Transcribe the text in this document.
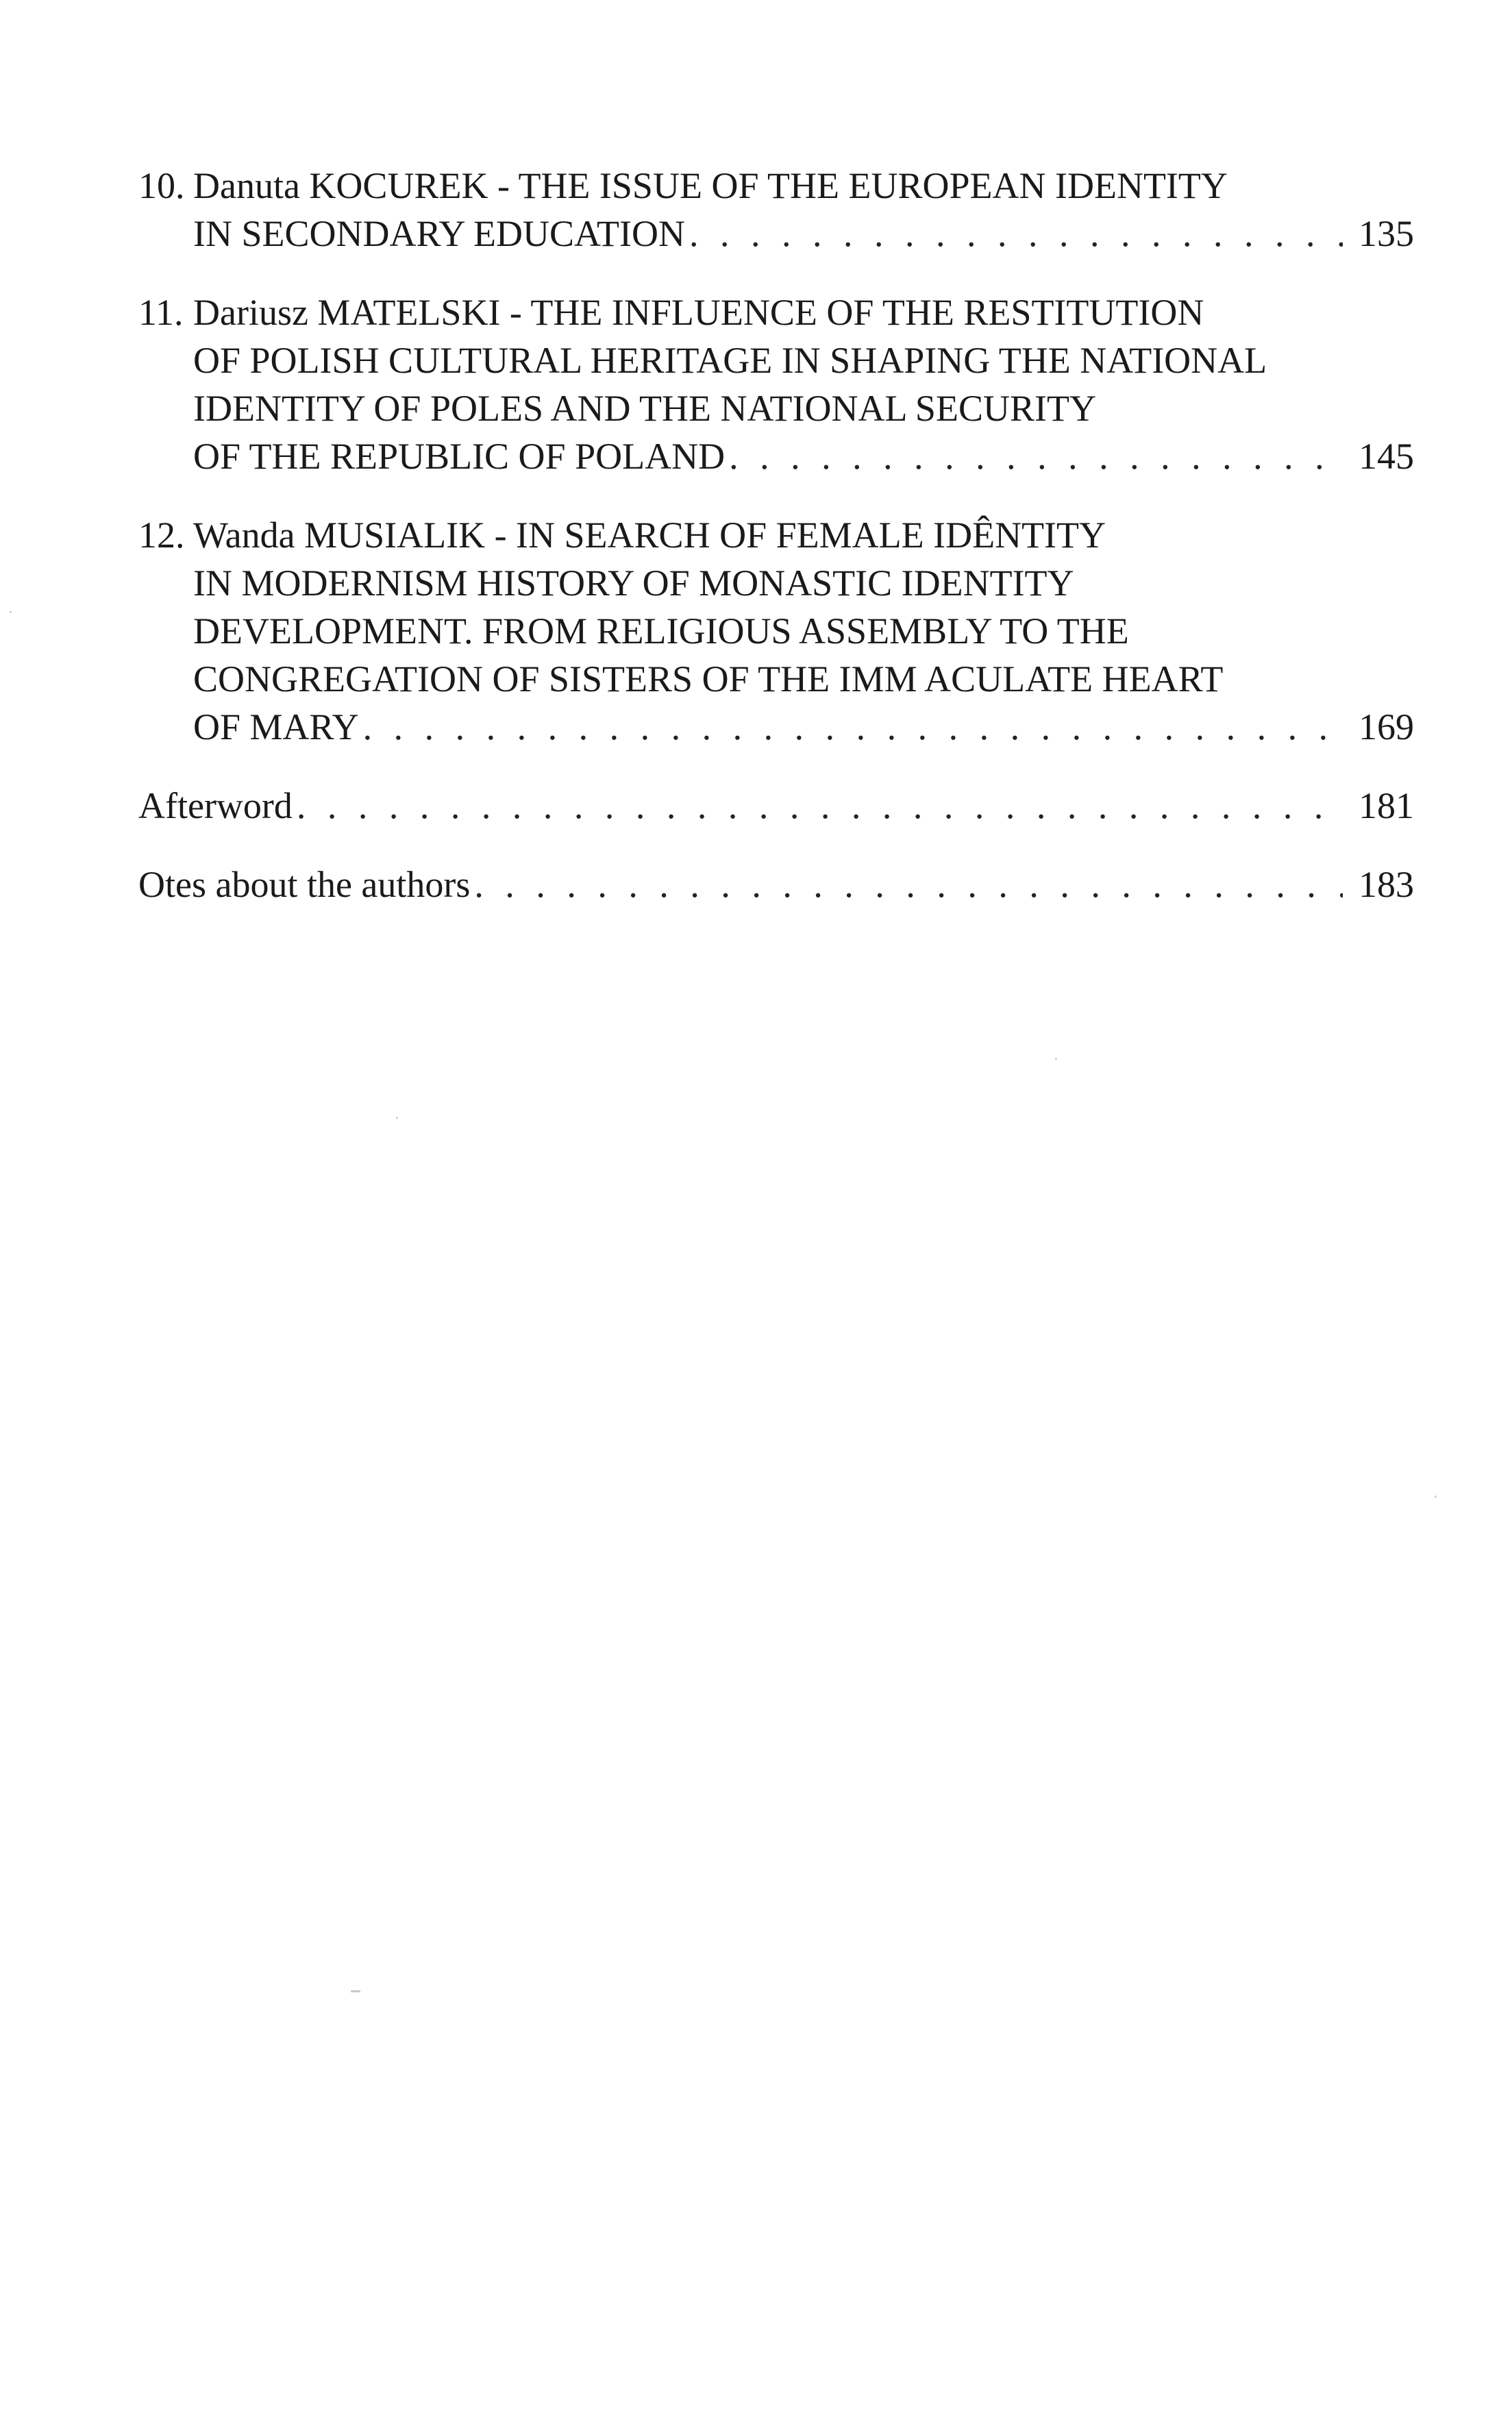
10. Danuta KOCUREK - THE ISSUE OF THE EUROPEAN IDENTITY
IN SECONDARY EDUCATION . . .	135
11. Dariusz MATELSKI - THE INFLUENCE OF THE RESTITUTION
OF POLISH CULTURAL HERITAGE IN SHAPING THE NATIONAL
IDENTITY OF POLES AND THE NATIONAL SECURITY
OF THE REPUBLIC OF POLAND . . .	145
12. Wanda MUSIALIK - IN SEARCH OF FEMALE IDÊNTITY
IN MODERNISM HISTORY OF MONASTIC IDENTITY
DEVELOPMENT. FROM RELIGIOUS ASSEMBLY TO THE
CONGREGATION OF SISTERS OF THE IMM ACULATE HEART
OF MARY . . .	169
Afterword . . .	181
Otes about the authors . . .	183
